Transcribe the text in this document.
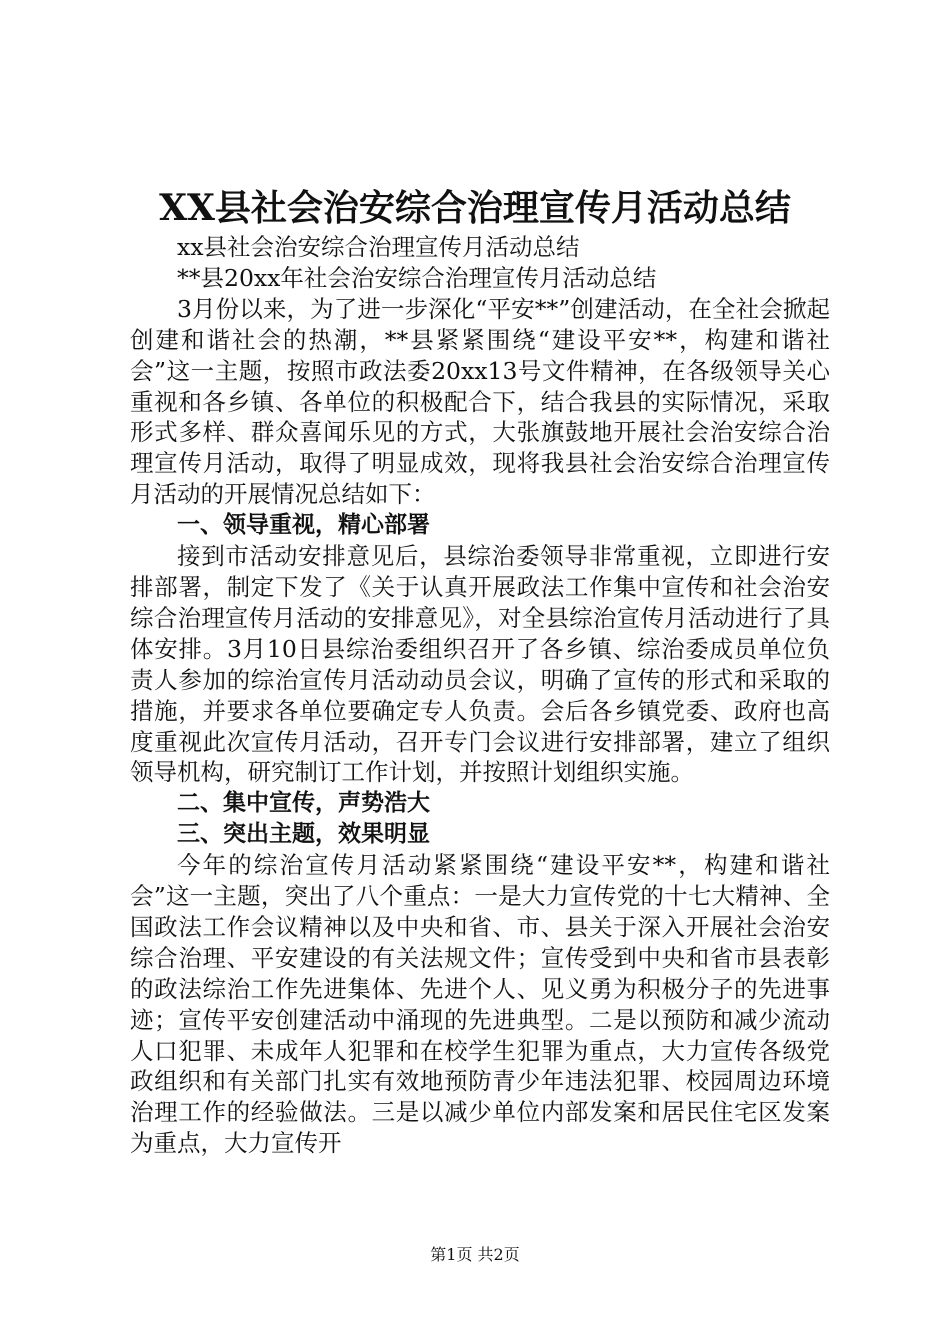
XX县社会治安综合治理宣传月活动总结

xx县社会治安综合治理宣传月活动总结

**县20xx年社会治安综合治理宣传月活动总结

3月份以来，为了进一步深化“平安**”创建活动，在全社会掀起创建和谐社会的热潮，**县紧紧围绕“建设平安**，构建和谐社会”这一主题，按照市政法委20xx13号文件精神，在各级领导关心重视和各乡镇、各单位的积极配合下，结合我县的实际情况，采取形式多样、群众喜闻乐见的方式，大张旗鼓地开展社会治安综合治理宣传月活动，取得了明显成效，现将我县社会治安综合治理宣传月活动的开展情况总结如下：

一、领导重视，精心部署

接到市活动安排意见后，县综治委领导非常重视，立即进行安排部署，制定下发了《关于认真开展政法工作集中宣传和社会治安综合治理宣传月活动的安排意见》，对全县综治宣传月活动进行了具体安排。3月10日县综治委组织召开了各乡镇、综治委成员单位负责人参加的综治宣传月活动动员会议，明确了宣传的形式和采取的措施，并要求各单位要确定专人负责。会后各乡镇党委、政府也高度重视此次宣传月活动，召开专门会议进行安排部署，建立了组织领导机构，研究制订工作计划，并按照计划组织实施。

二、集中宣传，声势浩大
三、突出主题，效果明显

今年的综治宣传月活动紧紧围绕“建设平安**，构建和谐社会”这一主题，突出了八个重点：一是大力宣传党的十七大精神、全国政法工作会议精神以及中央和省、市、县关于深入开展社会治安综合治理、平安建设的有关法规文件；宣传受到中央和省市县表彰的政法综治工作先进集体、先进个人、见义勇为积极分子的先进事迹；宣传平安创建活动中涌现的先进典型。二是以预防和减少流动人口犯罪、未成年人犯罪和在校学生犯罪为重点，大力宣传各级党政组织和有关部门扎实有效地预防青少年违法犯罪、校园周边环境治理工作的经验做法。三是以减少单位内部发案和居民住宅区发案为重点，大力宣传开

第1页 共2页
